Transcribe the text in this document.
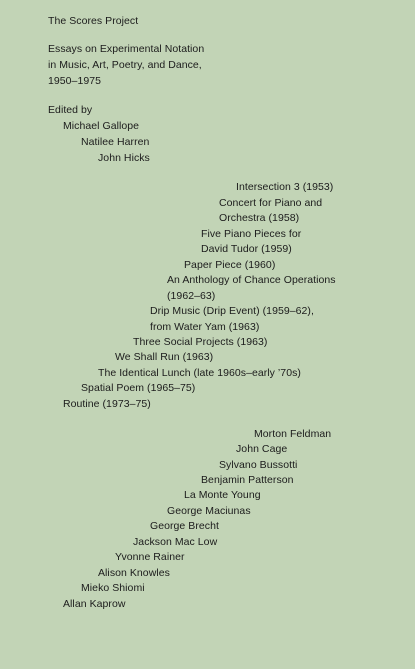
The Scores Project
Essays on Experimental Notation
in Music, Art, Poetry, and Dance,
1950–1975
Edited by
Michael Gallope
Natilee Harren
John Hicks
Intersection 3 (1953)
Concert for Piano and
Orchestra (1958)
Five Piano Pieces for
David Tudor (1959)
Paper Piece (1960)
An Anthology of Chance Operations
(1962–63)
Drip Music (Drip Event) (1959–62),
from Water Yam (1963)
Three Social Projects (1963)
We Shall Run (1963)
The Identical Lunch (late 1960s–early ’70s)
Spatial Poem (1965–75)
Routine (1973–75)
Morton Feldman
John Cage
Sylvano Bussotti
Benjamin Patterson
La Monte Young
George Maciunas
George Brecht
Jackson Mac Low
Yvonne Rainer
Alison Knowles
Mieko Shiomi
Allan Kaprow
